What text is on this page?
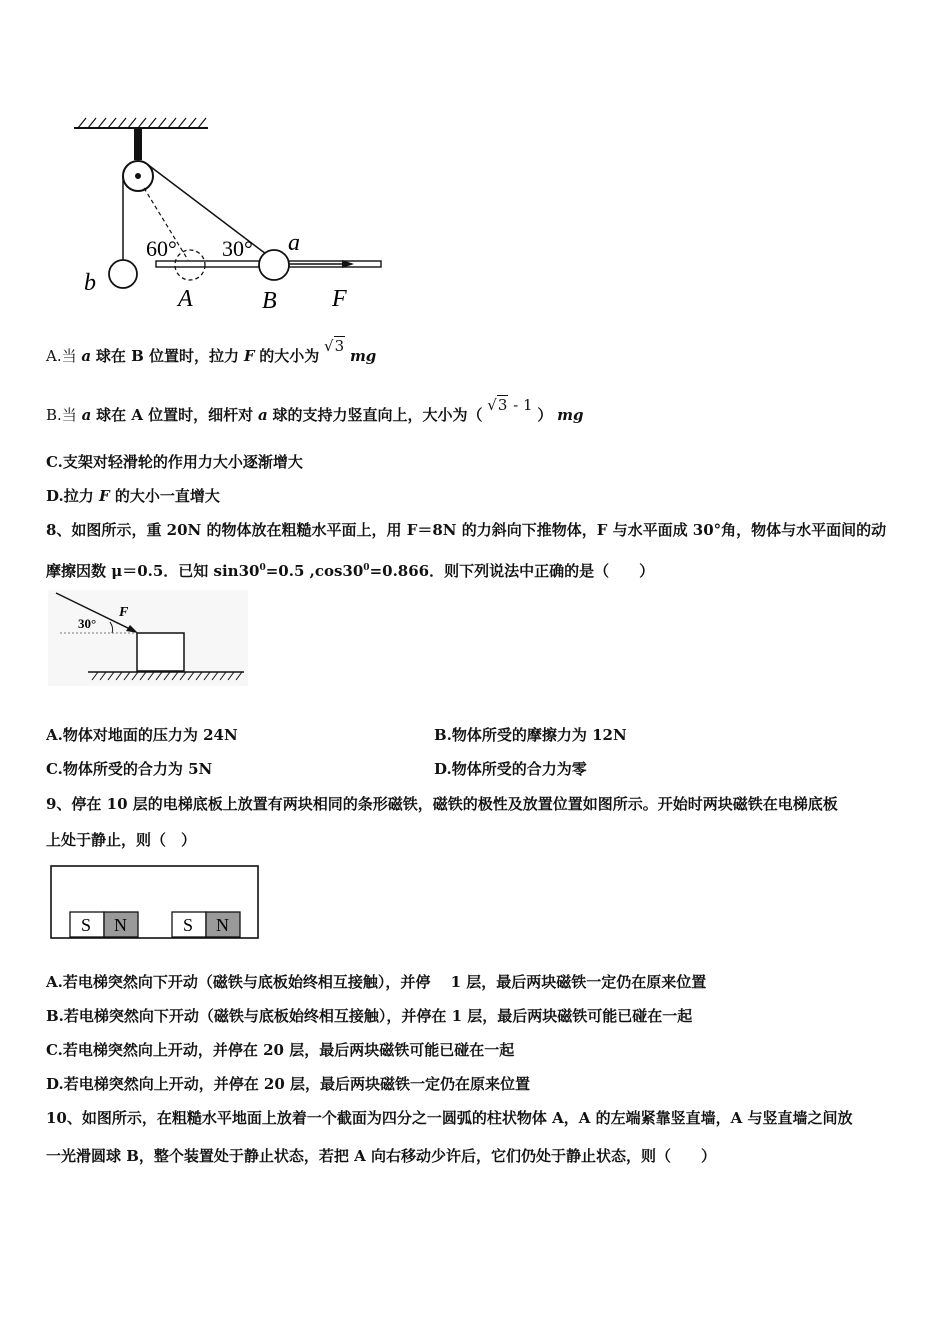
60° 30° a
b
A	B F
A.当 a 球在 B 位置时，拉力 F 的大小为 √3 mg
B.当 a 球在 A 位置时，细杆对 a 球的支持力竖直向上，大小为（ √3 - 1 ） mg
C.支架对轻滑轮的作用力大小逐渐增大
D.拉力 F 的大小一直增大
8、如图所示，重 20N 的物体放在粗糙水平面上，用 F＝8N 的力斜向下推物体，F 与水平面成 30°角，物体与水平面间的动
摩擦因数 μ＝0.5．已知 $\sin 30^0=0.5$ $,\cos 30^0=0.866$．则下列说法中正确的是（　　）
30°
F
A.物体对地面的压力为 24N	B.物体所受的摩擦力为 12N
C.物体所受的合力为 5N	D.物体所受的合力为零
9、停在 10 层的电梯底板上放置有两块相同的条形磁铁，磁铁的极性及放置位置如图所示。开始时两块磁铁在电梯底板
上处于静止，则（　）
S N	S N
A.若电梯突然向下开动（磁铁与底板始终相互接触），并停　 1 层，最后两块磁铁一定仍在原来位置
B.若电梯突然向下开动（磁铁与底板始终相互接触），并停在 1 层，最后两块磁铁可能已碰在一起
C.若电梯突然向上开动，并停在 20 层，最后两块磁铁可能已碰在一起
D.若电梯突然向上开动，并停在 20 层，最后两块磁铁一定仍在原来位置
10、如图所示，在粗糙水平地面上放着一个截面为四分之一圆弧的柱状物体 A，A 的左端紧靠竖直墙，A 与竖直墙之间放
一光滑圆球 B，整个装置处于静止状态，若把 A 向右移动少许后，它们仍处于静止状态，则（　　）
